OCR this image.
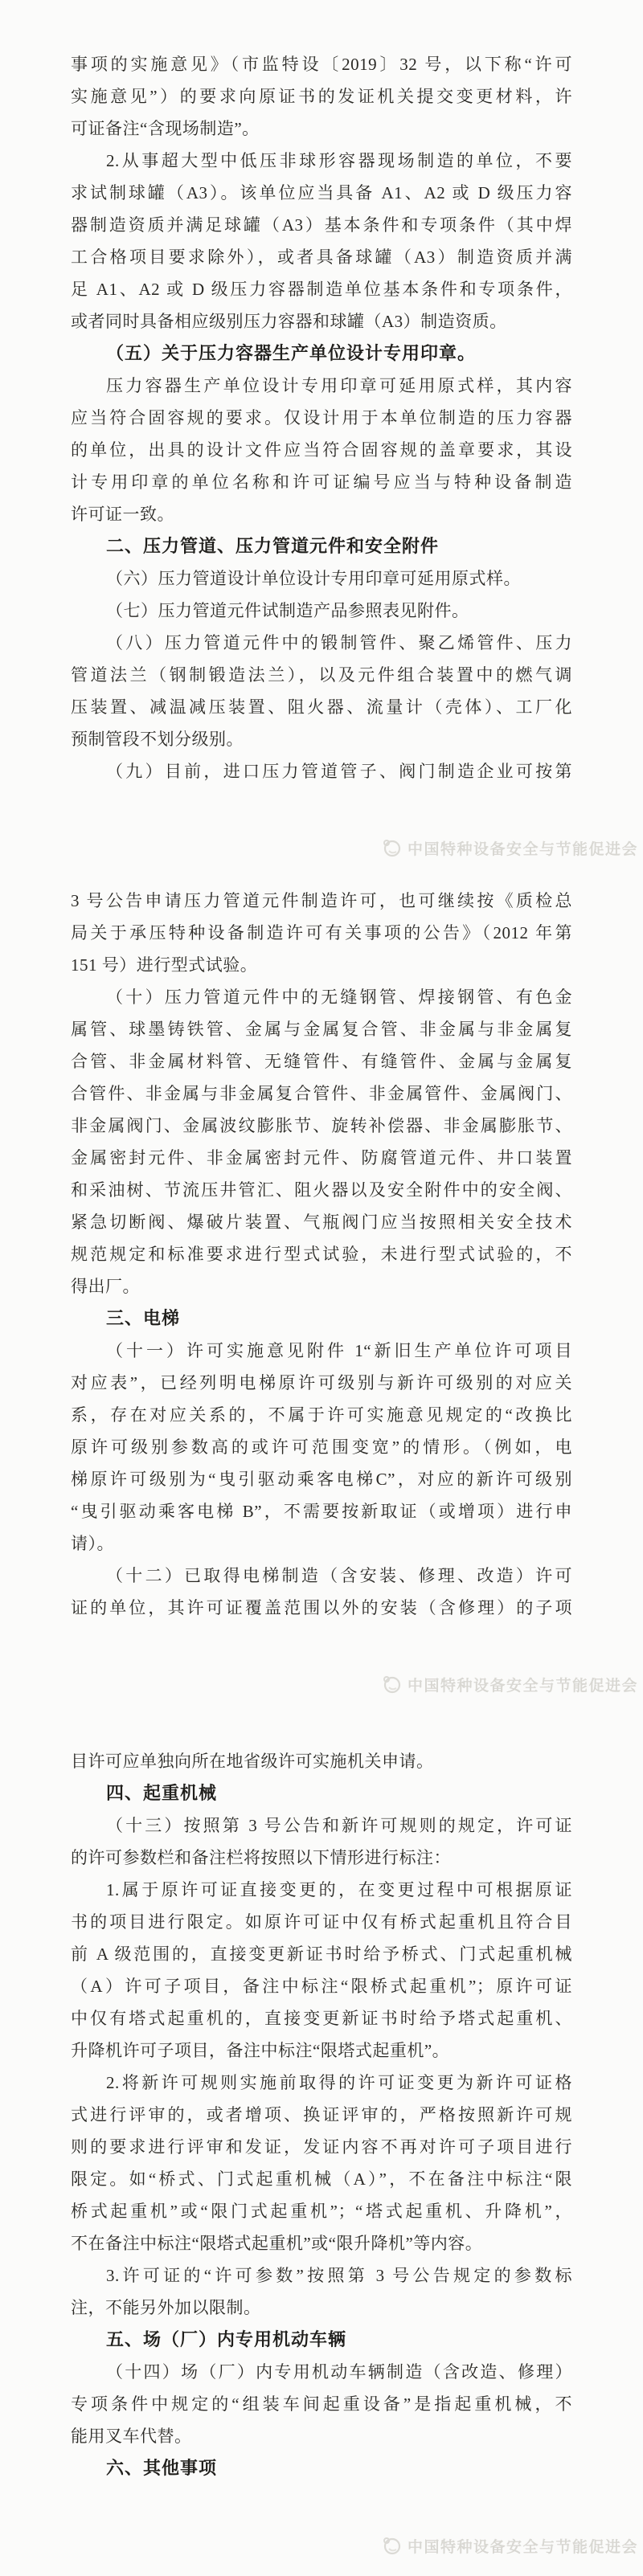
事项的实施意见》（市监特设〔2019〕32 号，以下称“许可
实施意见”）的要求向原证书的发证机关提交变更材料，许
可证备注“含现场制造”。
2.从事超大型中低压非球形容器现场制造的单位，不要
求试制球罐（A3）。该单位应当具备 A1、A2 或 D 级压力容
器制造资质并满足球罐（A3）基本条件和专项条件（其中焊
工合格项目要求除外），或者具备球罐（A3）制造资质并满
足 A1、A2 或 D 级压力容器制造单位基本条件和专项条件，
或者同时具备相应级别压力容器和球罐（A3）制造资质。
（五）关于压力容器生产单位设计专用印章。
压力容器生产单位设计专用印章可延用原式样，其内容
应当符合固容规的要求。仅设计用于本单位制造的压力容器
的单位，出具的设计文件应当符合固容规的盖章要求，其设
计专用印章的单位名称和许可证编号应当与特种设备制造
许可证一致。
二、压力管道、压力管道元件和安全附件
（六）压力管道设计单位设计专用印章可延用原式样。
（七）压力管道元件试制造产品参照表见附件。
（八）压力管道元件中的锻制管件、聚乙烯管件、压力
管道法兰（钢制锻造法兰），以及元件组合装置中的燃气调
压装置、减温减压装置、阻火器、流量计（壳体）、工厂化
预制管段不划分级别。
（九）目前，进口压力管道管子、阀门制造企业可按第
3 号公告申请压力管道元件制造许可，也可继续按《质检总
局关于承压特种设备制造许可有关事项的公告》（2012 年第
151 号）进行型式试验。
（十）压力管道元件中的无缝钢管、焊接钢管、有色金
属管、球墨铸铁管、金属与金属复合管、非金属与非金属复
合管、非金属材料管、无缝管件、有缝管件、金属与金属复
合管件、非金属与非金属复合管件、非金属管件、金属阀门、
非金属阀门、金属波纹膨胀节、旋转补偿器、非金属膨胀节、
金属密封元件、非金属密封元件、防腐管道元件、井口装置
和采油树、节流压井管汇、阻火器以及安全附件中的安全阀、
紧急切断阀、爆破片装置、气瓶阀门应当按照相关安全技术
规范规定和标准要求进行型式试验，未进行型式试验的，不
得出厂。
三、电梯
（十一）许可实施意见附件 1“新旧生产单位许可项目
对应表”，已经列明电梯原许可级别与新许可级别的对应关
系，存在对应关系的，不属于许可实施意见规定的“改换比
原许可级别参数高的或许可范围变宽”的情形。（例如，电
梯原许可级别为“曳引驱动乘客电梯C”，对应的新许可级别
“曳引驱动乘客电梯 B”，不需要按新取证（或增项）进行申
请）。
（十二）已取得电梯制造（含安装、修理、改造）许可
证的单位，其许可证覆盖范围以外的安装（含修理）的子项
目许可应单独向所在地省级许可实施机关申请。
四、起重机械
（十三）按照第 3 号公告和新许可规则的规定，许可证
的许可参数栏和备注栏将按照以下情形进行标注：
1.属于原许可证直接变更的，在变更过程中可根据原证
书的项目进行限定。如原许可证中仅有桥式起重机且符合目
前 A 级范围的，直接变更新证书时给予桥式、门式起重机械
（A）许可子项目，备注中标注“限桥式起重机”；原许可证
中仅有塔式起重机的，直接变更新证书时给予塔式起重机、
升降机许可子项目，备注中标注“限塔式起重机”。
2.将新许可规则实施前取得的许可证变更为新许可证格
式进行评审的，或者增项、换证评审的，严格按照新许可规
则的要求进行评审和发证，发证内容不再对许可子项目进行
限定。如“桥式、门式起重机械（A）”，不在备注中标注“限
桥式起重机”或“限门式起重机”；“塔式起重机、升降机”，
不在备注中标注“限塔式起重机”或“限升降机”等内容。
3.许可证的“许可参数”按照第 3 号公告规定的参数标
注，不能另外加以限制。
五、场（厂）内专用机动车辆
（十四）场（厂）内专用机动车辆制造（含改造、修理）
专项条件中规定的“组装车间起重设备”是指起重机械，不
能用叉车代替。
六、其他事项
中国特种设备安全与节能促进会
中国特种设备安全与节能促进会
中国特种设备安全与节能促进会
